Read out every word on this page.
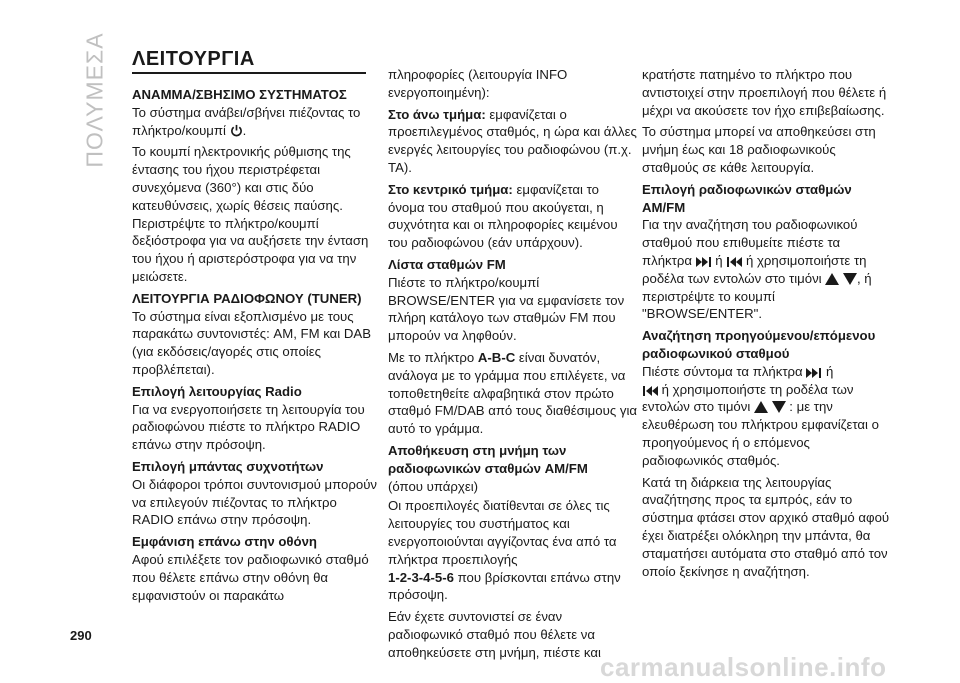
ΠΟΛΥΜΕΣΑ ΛΕΙΤΟΥΡΓΙΑ
ΑΝΑΜΜΑ/ΣΒΗΣΙΜΟ ΣΥΣΤΗΜΑΤΟΣ

Το σύστημα ανάβει/σβήνει πιέζοντας το πλήκτρο/κουμπί .

Το κουμπί ηλεκτρονικής ρύθμισης της έντασης του ήχου περιστρέφεται συνεχόμενα (360°) και στις δύο κατευθύνσεις, χωρίς θέσεις παύσης. Περιστρέψτε το πλήκτρο/κουμπί δεξιόστροφα για να αυξήσετε την ένταση του ήχου ή αριστερόστροφα για να την μειώσετε.

ΛΕΙΤΟΥΡΓΙΑ ΡΑΔΙΟΦΩΝΟΥ (TUNER)

Το σύστημα είναι εξοπλισμένο με τους παρακάτω συντονιστές: AM, FM και DAB (για εκδόσεις/αγορές στις οποίες προβλέπεται).

Επιλογή λειτουργίας Radio

Για να ενεργοποιήσετε τη λειτουργία του ραδιοφώνου πιέστε το πλήκτρο RADIO επάνω στην πρόσοψη.

Επιλογή μπάντας συχνοτήτων

Οι διάφοροι τρόποι συντονισμού μπορούν να επιλεγούν πιέζοντας το πλήκτρο RADIO επάνω στην πρόσοψη.

Εμφάνιση επάνω στην οθόνη

Αφού επιλέξετε τον ραδιοφωνικό σταθμό που θέλετε επάνω στην οθόνη θα εμφανιστούν οι παρακάτω

πληροφορίες (λειτουργία INFO ενεργοποιημένη):

Στο άνω τμήμα: εμφανίζεται ο προεπιλεγμένος σταθμός, η ώρα και άλλες ενεργές λειτουργίες του ραδιοφώνου (π.χ. TA).

Στο κεντρικό τμήμα: εμφανίζεται το όνομα του σταθμού που ακούγεται, η συχνότητα και οι πληροφορίες κειμένου του ραδιοφώνου (εάν υπάρχουν).

Λίστα σταθμών FM

Πιέστε το πλήκτρο/κουμπί BROWSE/ENTER για να εμφανίσετε τον πλήρη κατάλογο των σταθμών FM που μπορούν να ληφθούν.

Με το πλήκτρο A-B-C είναι δυνατόν, ανάλογα με το γράμμα που επιλέγετε, να τοποθετηθείτε αλφαβητικά στον πρώτο σταθμό FM/DAB από τους διαθέσιμους για αυτό το γράμμα.

Αποθήκευση στη μνήμη των ραδιοφωνικών σταθμών AM/FM

(όπου υπάρχει)

Οι προεπιλογές διατίθενται σε όλες τις λειτουργίες του συστήματος και ενεργοποιούνται αγγίζοντας ένα από τα πλήκτρα προεπιλογής
1-2-3-4-5-6 που βρίσκονται επάνω στην πρόσοψη.

Εάν έχετε συντονιστεί σε έναν ραδιοφωνικό σταθμό που θέλετε να αποθηκεύσετε στη μνήμη, πιέστε και

κρατήστε πατημένο το πλήκτρο που αντιστοιχεί στην προεπιλογή που θέλετε ή μέχρι να ακούσετε τον ήχο επιβεβαίωσης.

Το σύστημα μπορεί να αποθηκεύσει στη μνήμη έως και 18 ραδιοφωνικούς σταθμούς σε κάθε λειτουργία.

Επιλογή ραδιοφωνικών σταθμών AM/FM

Για την αναζήτηση του ραδιοφωνικού σταθμού που επιθυμείτε πιέστε τα πλήκτρα  ή  ή χρησιμοποιήστε τη ροδέλα των εντολών στο τιμόνι	, ή περιστρέψτε το κουμπί "BROWSE/ENTER".

Αναζήτηση προηγούμενου/επόμενου ραδιοφωνικού σταθμού

Πιέστε σύντομα τα πλήκτρα  ή
ή χρησιμοποιήστε τη ροδέλα των εντολών στο τιμόνι	: με την ελευθέρωση του πλήκτρου εμφανίζεται ο προηγούμενος ή ο επόμενος ραδιοφωνικός σταθμός.

Κατά τη διάρκεια της λειτουργίας αναζήτησης προς τα εμπρός, εάν το σύστημα φτάσει στον αρχικό σταθμό αφού έχει διατρέξει ολόκληρη την μπάντα, θα σταματήσει αυτόματα στο σταθμό από τον οποίο ξεκίνησε η αναζήτηση.

290
carmanualsonline.info
